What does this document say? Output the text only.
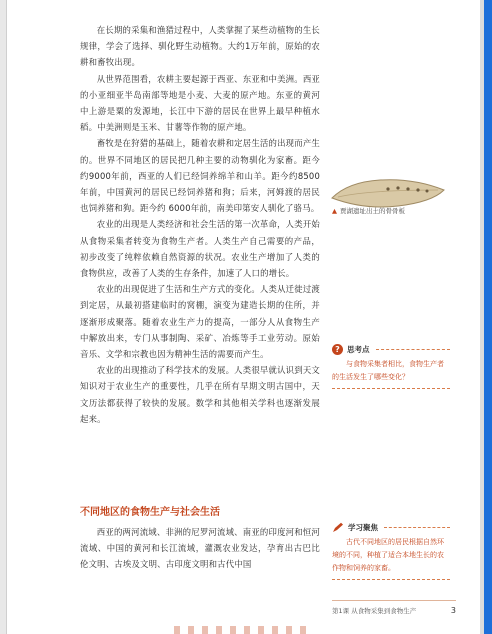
在长期的采集和渔猎过程中，人类掌握了某些动植物的生长规律，学会了选择、驯化野生动植物。大约1万年前，原始的农耕和畜牧出现。

从世界范围看，农耕主要起源于西亚、东亚和中美洲。西亚的小亚细亚半岛南部等地是小麦、大麦的原产地。东亚的黄河中上游是粟的发源地，长江中下游的居民在世界上最早种植水稻。中美洲则是玉米、甘薯等作物的原产地。

畜牧是在狩猎的基础上，随着农耕和定居生活的出现而产生的。世界不同地区的居民把几种主要的动物驯化为家畜。距今约9000年前，西亚的人们已经饲养绵羊和山羊。距今约8500年前，中国黄河的居民已经饲养猪和狗；后来，河姆渡的居民也饲养猪和狗。距今约 6000年前，南美印第安人驯化了骆马。

农业的出现是人类经济和社会生活的第一次革命，人类开始从食物采集者转变为食物生产者。人类生产自己需要的产品，初步改变了纯粹依赖自然资源的状况。农业生产增加了人类的食物供应，改善了人类的生存条件，加速了人口的增长。

农业的出现促进了生活和生产方式的变化。人类从迁徙过渡到定居，从最初搭建临时的窝棚，演变为建造长期的住所，并逐渐形成聚落。随着农业生产力的提高，一部分人从食物生产中解放出来，专门从事制陶、采矿、冶炼等手工业劳动。原始音乐、文学和宗教也因为精神生活的需要而产生。

农业的出现推动了科学技术的发展。人类很早就认识到天文知识对于农业生产的重要性，几乎在所有早期文明古国中，天文历法都获得了较快的发展。数学和其他相关学科也逐渐发展起来。

不同地区的食物生产与社会生活

西亚的两河流域、非洲的尼罗河流域、南亚的印度河和恒河流域、中国的黄河和长江流域，灌溉农业发达，孕育出古巴比伦文明、古埃及文明、古印度文明和古代中国

▲ 贾湖遗址出土的骨骨板
? 思考点
与食物采集者相比，食物生产者的生活发生了哪些变化？
学习聚焦
古代不同地区的居民根据自然环境的不同，种植了适合本地生长的农作物和饲养的家畜。
第1课 从食物采集到食物生产	3
